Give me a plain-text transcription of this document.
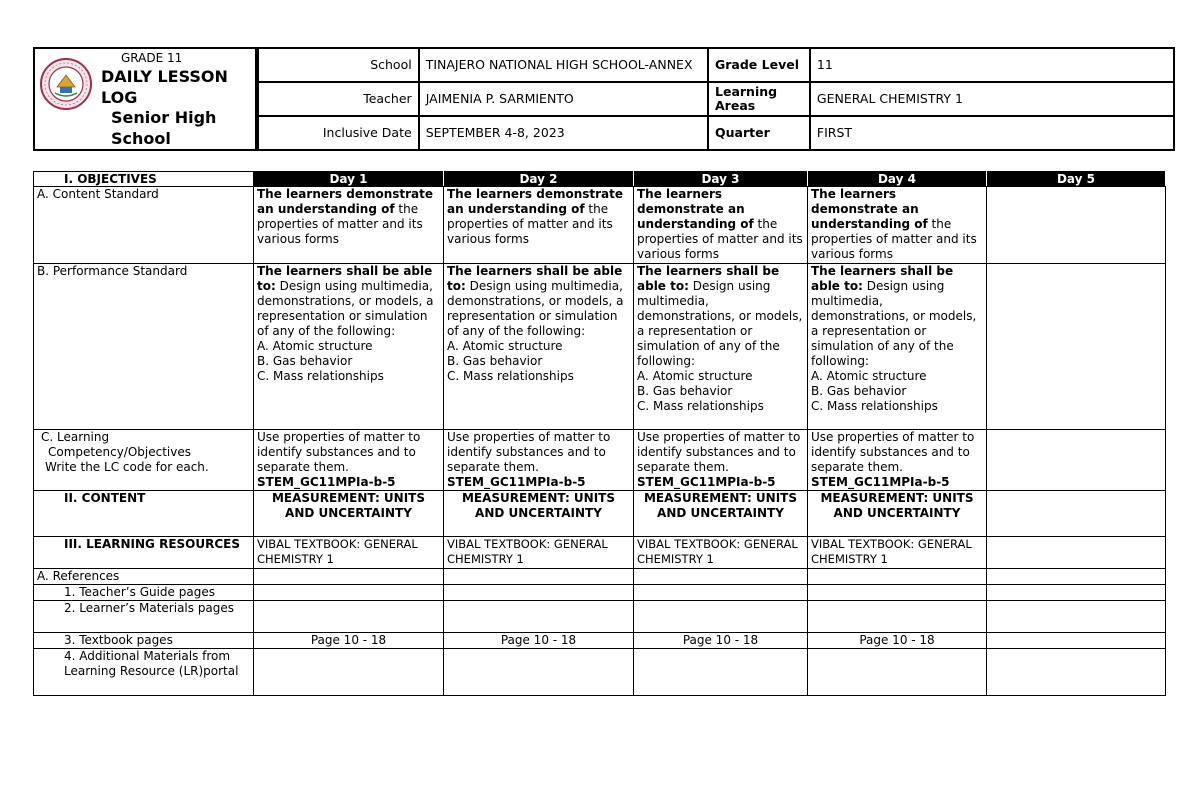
GRADE 11
DAILY LESSON LOG
Senior High School
School	TINAJERO NATIONAL HIGH SCHOOL-ANNEX	Grade Level	11
Teacher	JAIMENIA P. SARMIENTO	Learning Areas	GENERAL CHEMISTRY 1
Inclusive Date	SEPTEMBER 4-8, 2023	Quarter	FIRST
I. OBJECTIVES	Day 1	Day 2	Day 3	Day 4	Day 5
A. Content Standard	The learners demonstrate an understanding of the properties of matter and its various forms	The learners demonstrate an understanding of the properties of matter and its various forms	The learners demonstrate an understanding of the properties of matter and its various forms	The learners demonstrate an understanding of the properties of matter and its various forms	
B. Performance Standard	The learners shall be able to: Design using multimedia, demonstrations, or models, a representation or simulation of any of the following:
A. Atomic structure
B. Gas behavior
C. Mass relationships	The learners shall be able to: Design using multimedia, demonstrations, or models, a representation or simulation of any of the following:
A. Atomic structure
B. Gas behavior
C. Mass relationships	The learners shall be able to: Design using multimedia, demonstrations, or models, a representation or simulation of any of the following:
A. Atomic structure
B. Gas behavior
C. Mass relationships	The learners shall be able to: Design using multimedia, demonstrations, or models, a representation or simulation of any of the following:
A. Atomic structure
B. Gas behavior
C. Mass relationships	
C. Learning
Competency/Objectives
Write the LC code for each.	Use properties of matter to identify substances and to separate them.
STEM_GC11MPIa-b-5	Use properties of matter to identify substances and to separate them.
STEM_GC11MPIa-b-5	Use properties of matter to identify substances and to separate them.
STEM_GC11MPIa-b-5	Use properties of matter to identify substances and to separate them.
STEM_GC11MPIa-b-5	
II. CONTENT	MEASUREMENT: UNITS AND UNCERTAINTY	MEASUREMENT: UNITS AND UNCERTAINTY	MEASUREMENT: UNITS AND UNCERTAINTY	MEASUREMENT: UNITS AND UNCERTAINTY	
III. LEARNING RESOURCES	VIBAL TEXTBOOK: GENERAL CHEMISTRY 1	VIBAL TEXTBOOK: GENERAL CHEMISTRY 1	VIBAL TEXTBOOK: GENERAL CHEMISTRY 1	VIBAL TEXTBOOK: GENERAL CHEMISTRY 1	
A. References					
1. Teacher’s Guide pages					
2. Learner’s Materials pages					
3. Textbook pages	Page 10 - 18	Page 10 - 18	Page 10 - 18	Page 10 - 18	
4. Additional Materials from Learning Resource (LR)portal					
